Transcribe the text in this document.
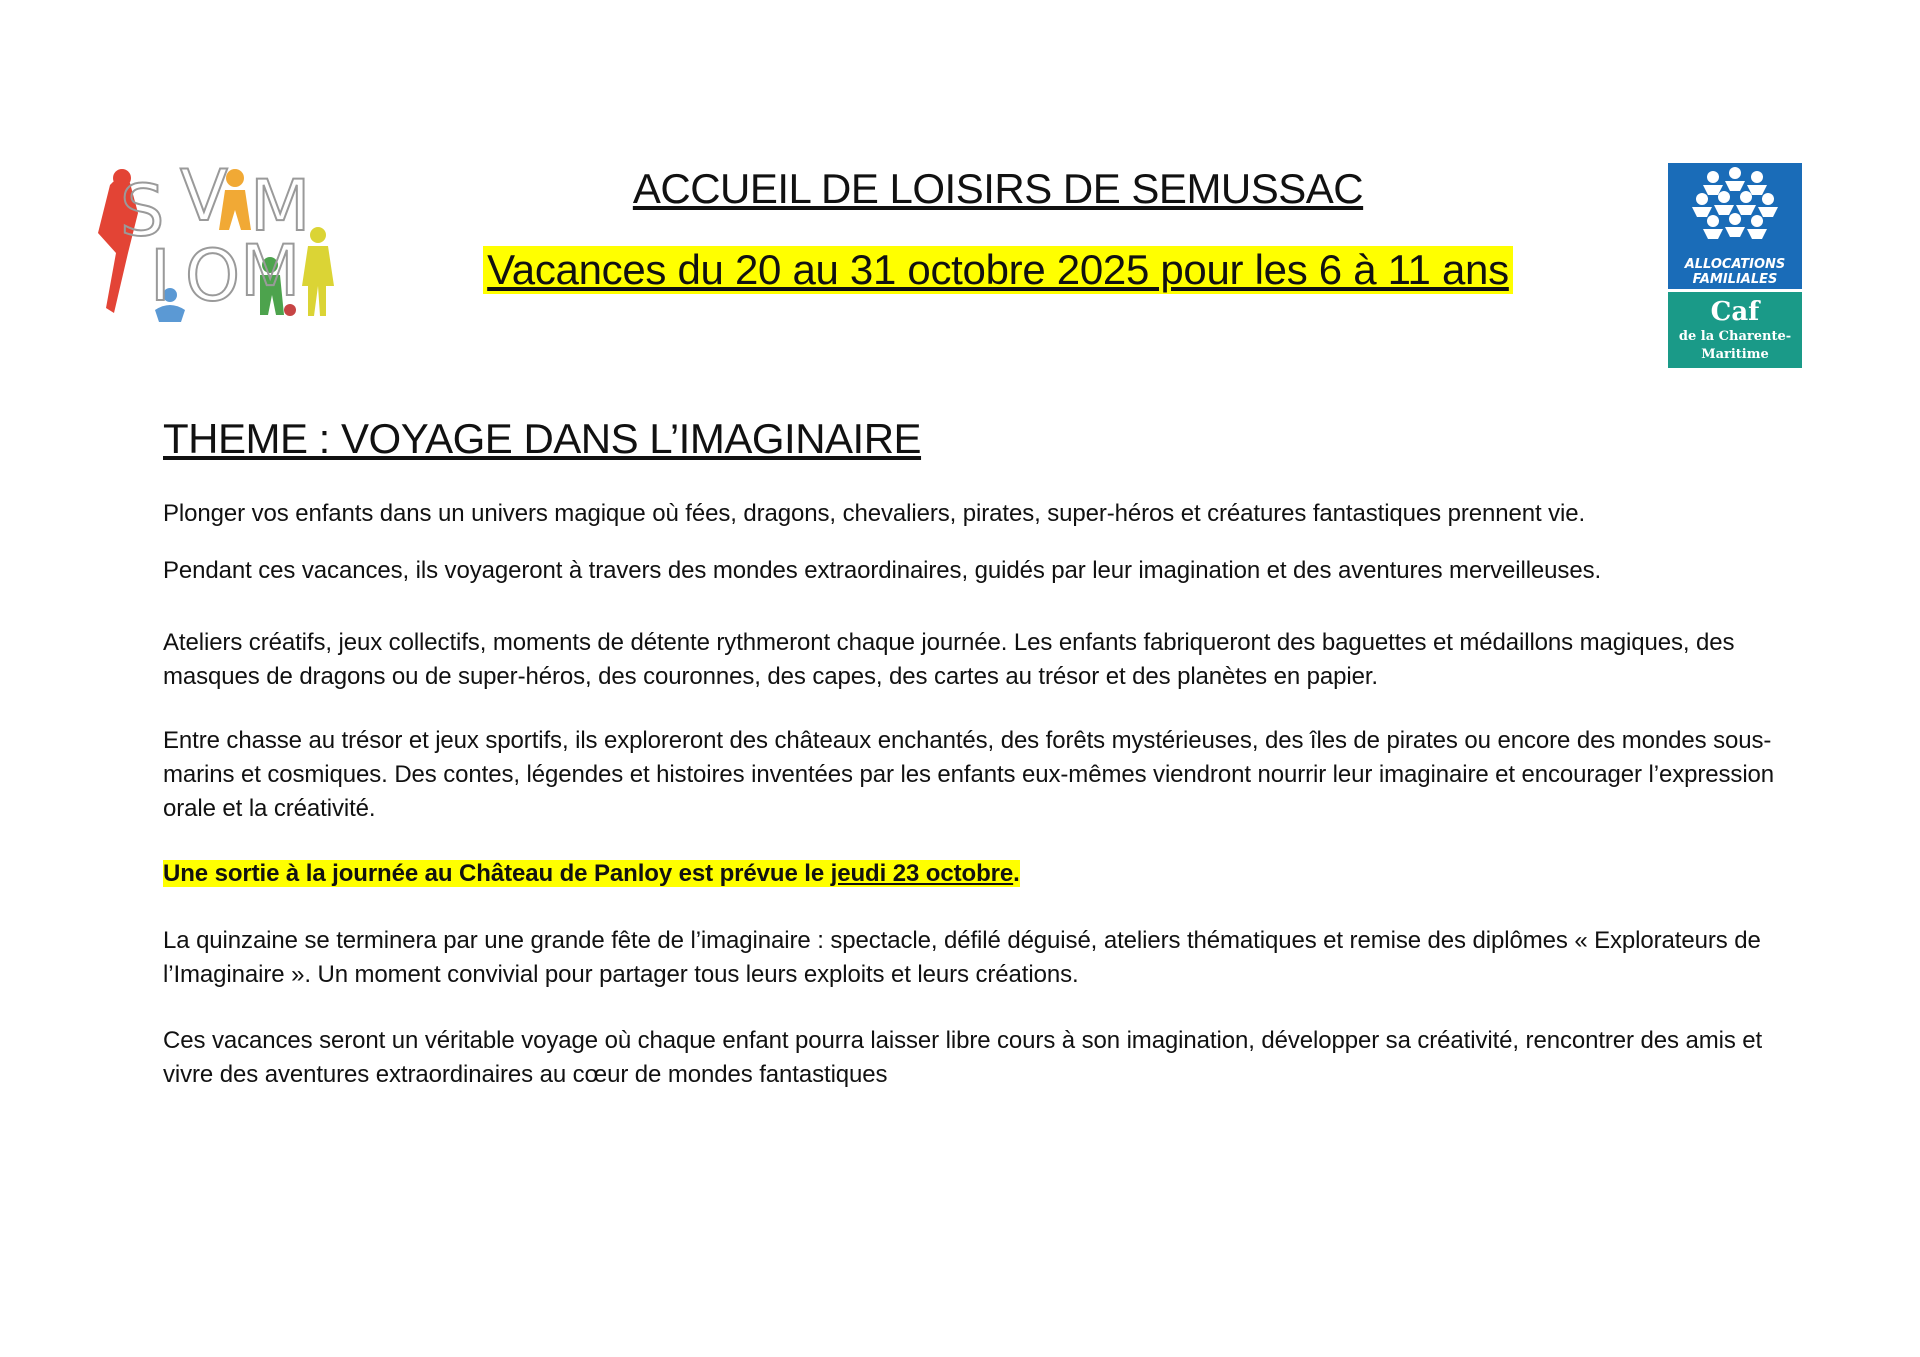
S V M
I O M
ACCUEIL DE LOISIRS DE SEMUSSAC
Vacances du 20 au 31 octobre 2025 pour les 6 à 11 ans	ALLOCATIONS
FAMILIALES
Caf
de la Charente-
Maritime
THEME : VOYAGE DANS L’IMAGINAIRE

Plonger vos enfants dans un univers magique où fées, dragons, chevaliers, pirates, super-héros et créatures fantastiques prennent vie.

Pendant ces vacances, ils voyageront à travers des mondes extraordinaires, guidés par leur imagination et des aventures merveilleuses.

Ateliers créatifs, jeux collectifs, moments de détente rythmeront chaque journée. Les enfants fabriqueront des baguettes et médaillons magiques, des masques de dragons ou de super-héros, des couronnes, des capes, des cartes au trésor et des planètes en papier.

Entre chasse au trésor et jeux sportifs, ils exploreront des châteaux enchantés, des forêts mystérieuses, des îles de pirates ou encore des mondes sous-marins et cosmiques. Des contes, légendes et histoires inventées par les enfants eux-mêmes viendront nourrir leur imaginaire et encourager l’expression orale et la créativité.

Une sortie à la journée au Château de Panloy est prévue le jeudi 23 octobre.

La quinzaine se terminera par une grande fête de l’imaginaire : spectacle, défilé déguisé, ateliers thématiques et remise des diplômes « Explorateurs de l’Imaginaire ». Un moment convivial pour partager tous leurs exploits et leurs créations.

Ces vacances seront un véritable voyage où chaque enfant pourra laisser libre cours à son imagination, développer sa créativité, rencontrer des amis et vivre des aventures extraordinaires au cœur de mondes fantastiques
